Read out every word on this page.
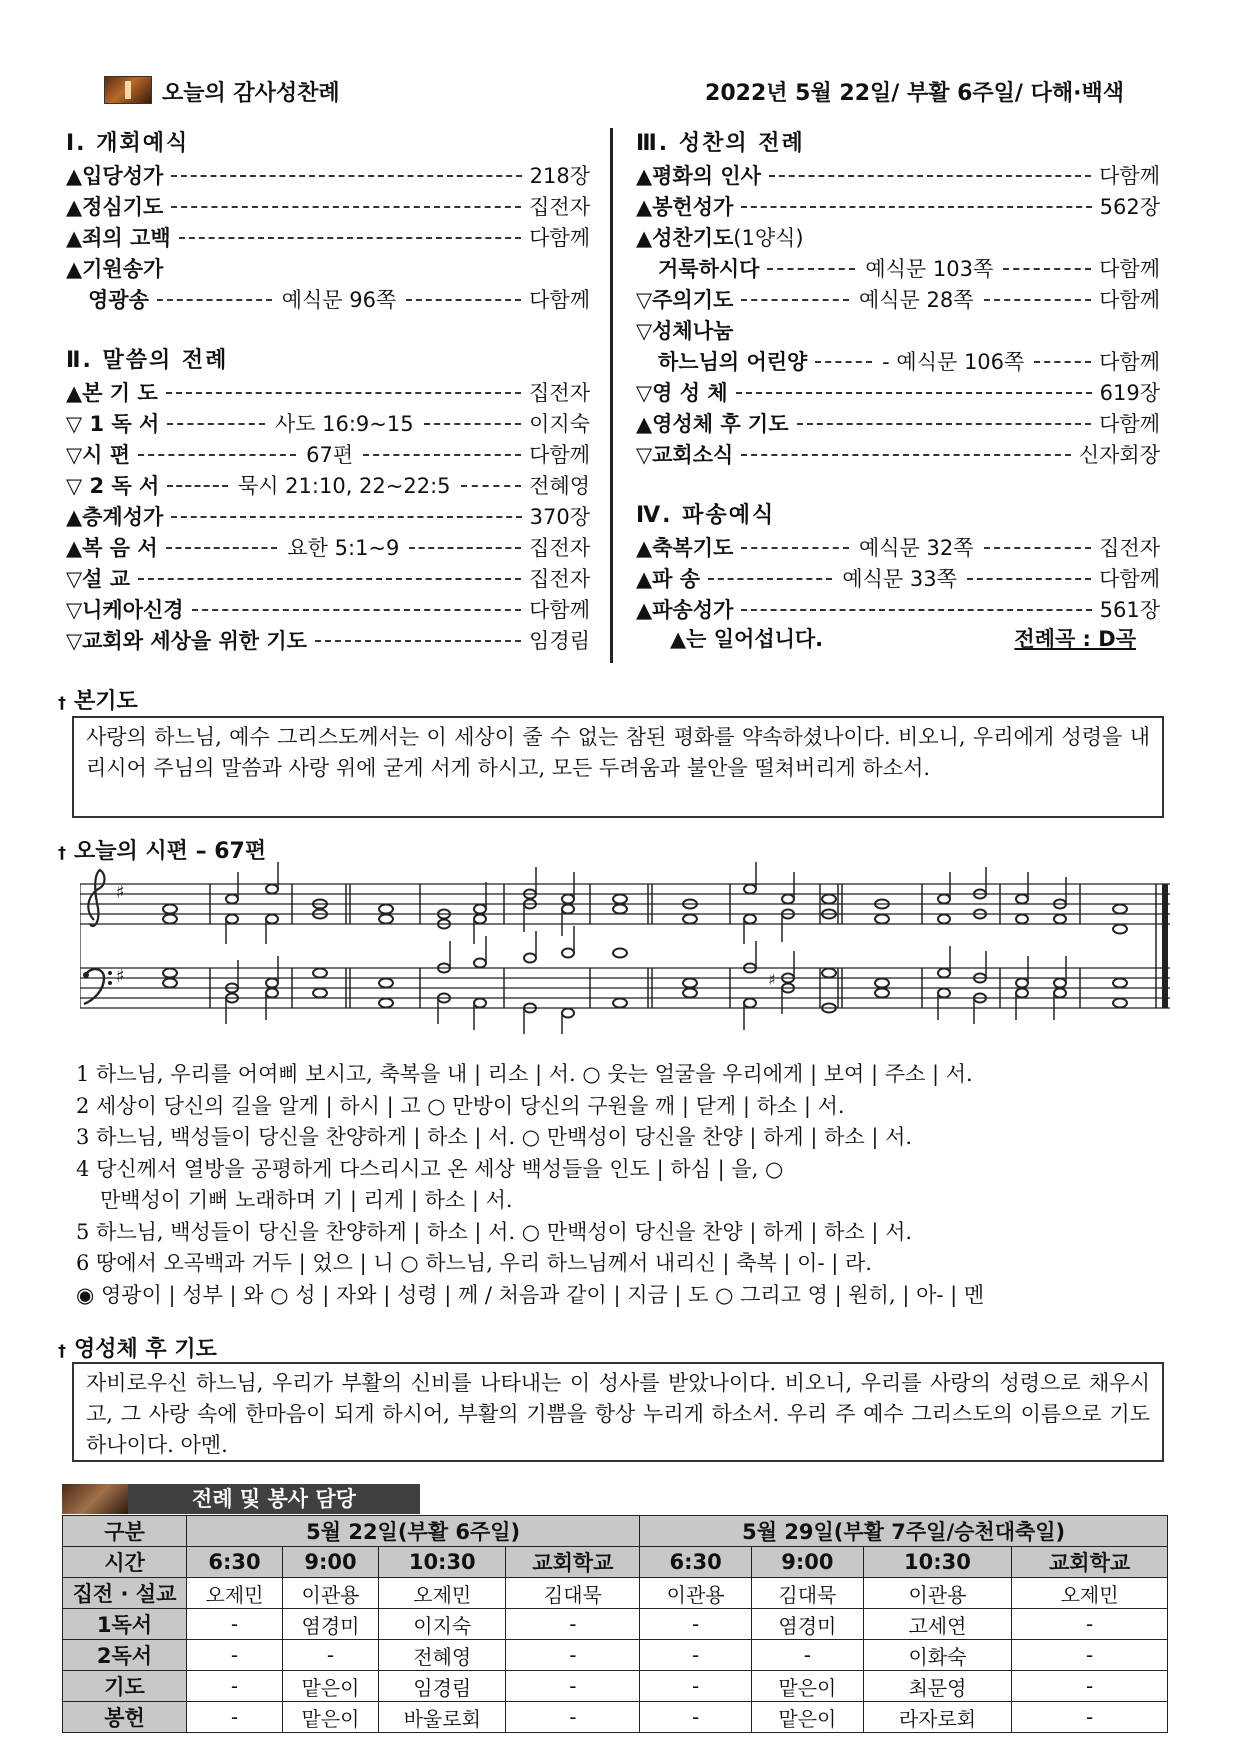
오늘의 감사성찬례	2022년 5월 22일/ 부활 6주일/ 다해·백색
Ⅰ. 개회예식
▲입당성가	218장
▲정심기도	집전자
▲죄의 고백	다함께
▲기원송가
영광송	예식문 96쪽	다함께
Ⅱ. 말씀의 전례
▲본 기 도	집전자
▽ 1 독 서	사도 16:9~15	이지숙
▽시 편	67편	다함께
▽ 2 독 서	묵시 21:10, 22~22:5	전혜영
▲층계성가	370장
▲복 음 서	요한 5:1~9	집전자
▽설 교	집전자
▽니케아신경	다함께
▽교회와 세상을 위한 기도	임경림
Ⅲ. 성찬의 전례
▲평화의 인사	다함께
▲봉헌성가	562장
▲성찬기도 (1양식)
거룩하시다	예식문 103쪽	다함께
▽주의기도	예식문 28쪽	다함께
▽성체나눔
하느님의 어린양	- 예식문 106쪽	다함께
▽영 성 체	619장
▲영성체 후 기도	다함께
▽교회소식	신자회장
Ⅳ. 파송예식
▲축복기도	예식문 32쪽	집전자
▲파 송	예식문 33쪽	다함께
▲파송성가	561장
▲는 일어섭니다.	전례곡 : D곡
† 본기도
사랑의 하느님, 예수 그리스도께서는 이 세상이 줄 수 없는 참된 평화를 약속하셨나이다. 비오니, 우리에게 성령을 내리시어 주님의 말씀과 사랑 위에 굳게 서게 하시고, 모든 두려움과 불안을 떨쳐버리게 하소서.
† 오늘의 시편 – 67편
♯
♯	♯
1 하느님, 우리를 어여삐 보시고, 축복을 내 | 리소 | 서. ○ 웃는 얼굴을 우리에게 | 보여 | 주소 | 서.
2 세상이 당신의 길을 알게 | 하시 | 고 ○ 만방이 당신의 구원을 깨 | 닫게 | 하소 | 서.
3 하느님, 백성들이 당신을 찬양하게 | 하소 | 서. ○ 만백성이 당신을 찬양 | 하게 | 하소 | 서.
4 당신께서 열방을 공평하게 다스리시고 온 세상 백성들을 인도 | 하심 | 을, ○
만백성이 기뻐 노래하며 기 | 리게 | 하소 | 서.
5 하느님, 백성들이 당신을 찬양하게 | 하소 | 서. ○ 만백성이 당신을 찬양 | 하게 | 하소 | 서.
6 땅에서 오곡백과 거두 | 었으 | 니 ○ 하느님, 우리 하느님께서 내리신 | 축복 | 이- | 라.
◉ 영광이 | 성부 | 와 ○ 성 | 자와 | 성령 | 께 / 처음과 같이 | 지금 | 도 ○ 그리고 영 | 원히, | 아- | 멘
† 영성체 후 기도
자비로우신 하느님, 우리가 부활의 신비를 나타내는 이 성사를 받았나이다. 비오니, 우리를 사랑의 성령으로 채우시고, 그 사랑 속에 한마음이 되게 하시어, 부활의 기쁨을 항상 누리게 하소서. 우리 주 예수 그리스도의 이름으로 기도하나이다. 아멘.
전례 및 봉사 담당
구분	5월 22일(부활 6주일)				5월 29일(부활 7주일/승천대축일)			
시간	6:30	9:00	10:30	교회학교	6:30	9:00	10:30	교회학교
집전 · 설교	오제민	이관용	오제민	김대묵	이관용	김대묵	이관용	오제민
1독서	-	염경미	이지숙	-	-	염경미	고세연	-
2독서	-	-	전혜영	-	-	-	이화숙	-
기도	-	맡은이	임경림	-	-	맡은이	최문영	-
봉헌	-	맡은이	바울로회	-	-	맡은이	라자로회	-
